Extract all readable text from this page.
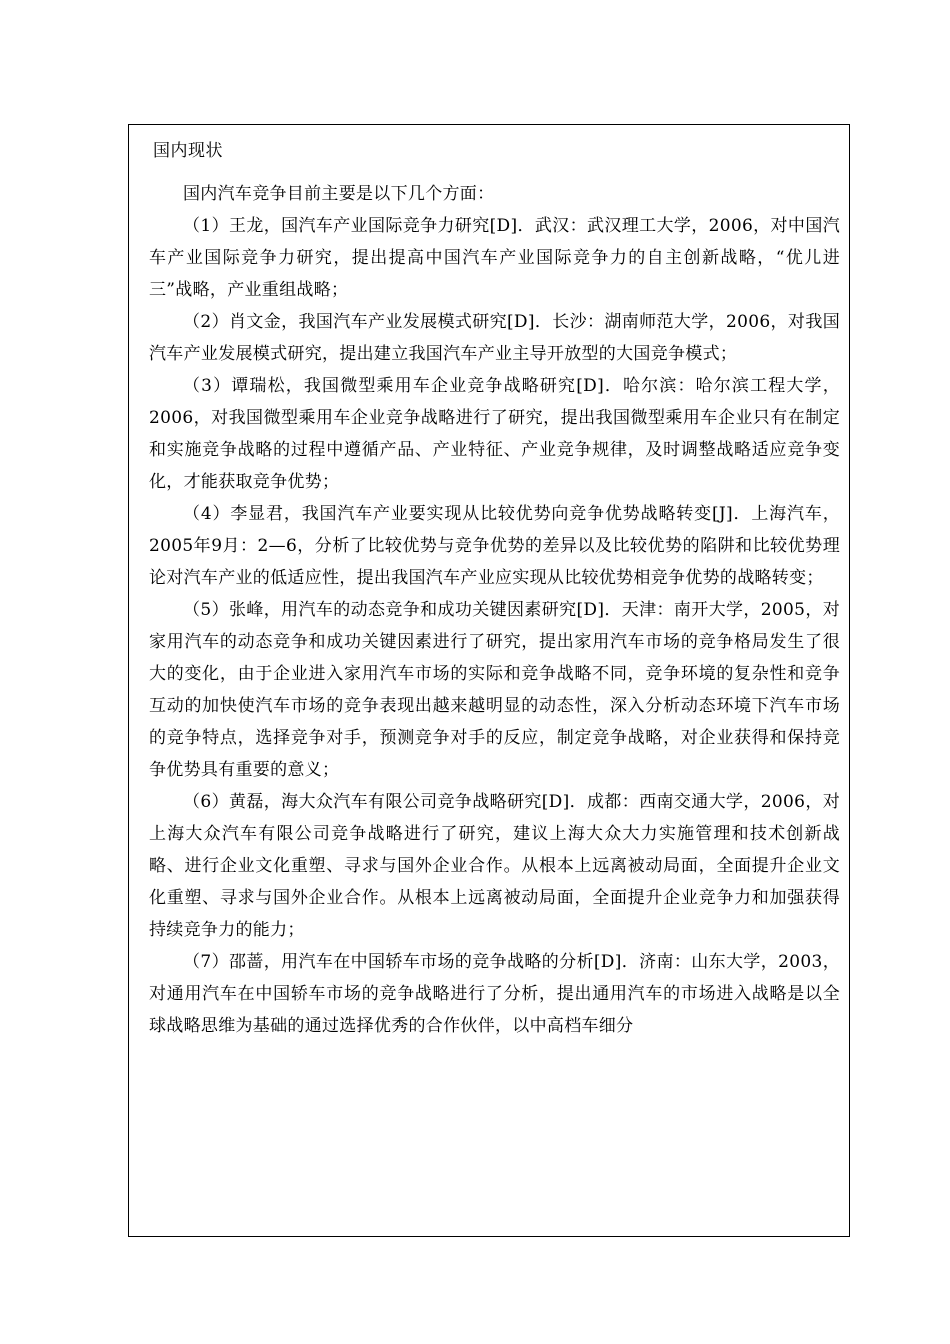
国内现状

国内汽车竞争目前主要是以下几个方面：

（1）王龙，国汽车产业国际竞争力研究[D]．武汉：武汉理工大学，2006，对中国汽车产业国际竞争力研究，提出提高中国汽车产业国际竞争力的自主创新战略，“优儿进三”战略，产业重组战略；

（2）肖文金，我国汽车产业发展模式研究[D]．长沙：湖南师范大学，2006，对我国汽车产业发展模式研究，提出建立我国汽车产业主导开放型的大国竞争模式；

（3）谭瑞松，我国微型乘用车企业竞争战略研究[D]．哈尔滨：哈尔滨工程大学，2006，对我国微型乘用车企业竞争战略进行了研究，提出我国微型乘用车企业只有在制定和实施竞争战略的过程中遵循产品、产业特征、产业竞争规律，及时调整战略适应竞争变化，才能获取竞争优势；

（4）李显君，我国汽车产业要实现从比较优势向竞争优势战略转变[J]．上海汽车，2005年9月：2—6，分析了比较优势与竞争优势的差异以及比较优势的陷阱和比较优势理论对汽车产业的低适应性，提出我国汽车产业应实现从比较优势相竞争优势的战略转变；

（5）张峰，用汽车的动态竞争和成功关键因素研究[D]．天津：南开大学，2005，对家用汽车的动态竞争和成功关键因素进行了研究，提出家用汽车市场的竞争格局发生了很大的变化，由于企业进入家用汽车市场的实际和竞争战略不同，竞争环境的复杂性和竞争互动的加快使汽车市场的竞争表现出越来越明显的动态性，深入分析动态环境下汽车市场的竞争特点，选择竞争对手，预测竞争对手的反应，制定竞争战略，对企业获得和保持竞争优势具有重要的意义；

（6）黄磊，海大众汽车有限公司竞争战略研究[D]．成都：西南交通大学，2006，对上海大众汽车有限公司竞争战略进行了研究，建议上海大众大力实施管理和技术创新战略、进行企业文化重塑、寻求与国外企业合作。从根本上远离被动局面，全面提升企业文化重塑、寻求与国外企业合作。从根本上远离被动局面，全面提升企业竞争力和加强获得持续竞争力的能力；

（7）邵蔷，用汽车在中国轿车市场的竞争战略的分析[D]．济南：山东大学，2003，对通用汽车在中国轿车市场的竞争战略进行了分析，提出通用汽车的市场进入战略是以全球战略思维为基础的通过选择优秀的合作伙伴，以中高档车细分
